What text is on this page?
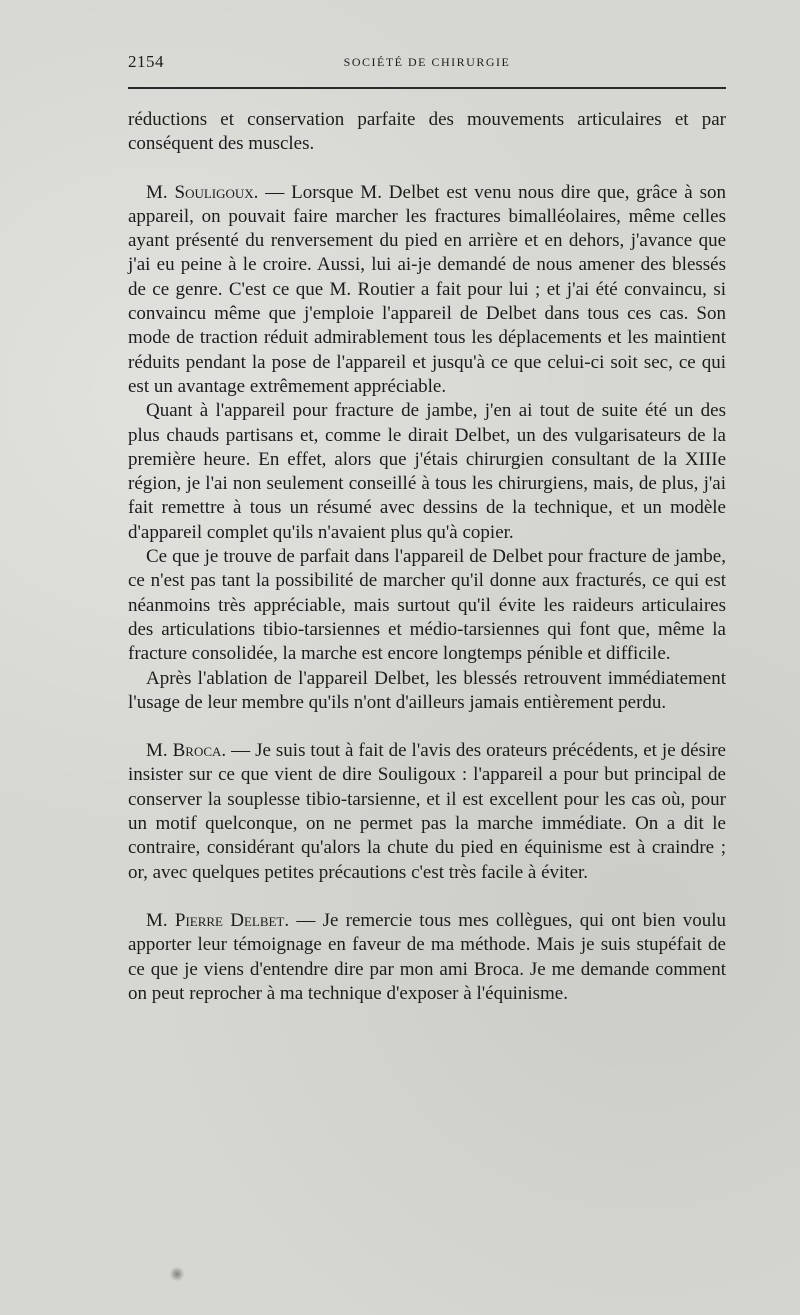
2154	SOCIÉTÉ DE CHIRURGIE

réductions et conservation parfaite des mouvements articulaires et par conséquent des muscles.

M. Souligoux. — Lorsque M. Delbet est venu nous dire que, grâce à son appareil, on pouvait faire marcher les fractures bimalléolaires, même celles ayant présenté du renversement du pied en arrière et en dehors, j'avance que j'ai eu peine à le croire. Aussi, lui ai-je demandé de nous amener des blessés de ce genre. C'est ce que M. Routier a fait pour lui ; et j'ai été convaincu, si convaincu même que j'emploie l'appareil de Delbet dans tous ces cas. Son mode de traction réduit admirablement tous les déplacements et les maintient réduits pendant la pose de l'appareil et jusqu'à ce que celui-ci soit sec, ce qui est un avantage extrêmement appréciable.

Quant à l'appareil pour fracture de jambe, j'en ai tout de suite été un des plus chauds partisans et, comme le dirait Delbet, un des vulgarisateurs de la première heure. En effet, alors que j'étais chirurgien consultant de la XIIIe région, je l'ai non seulement conseillé à tous les chirurgiens, mais, de plus, j'ai fait remettre à tous un résumé avec dessins de la technique, et un modèle d'appareil complet qu'ils n'avaient plus qu'à copier.

Ce que je trouve de parfait dans l'appareil de Delbet pour fracture de jambe, ce n'est pas tant la possibilité de marcher qu'il donne aux fracturés, ce qui est néanmoins très appréciable, mais surtout qu'il évite les raideurs articulaires des articulations tibio-tarsiennes et médio-tarsiennes qui font que, même la fracture consolidée, la marche est encore longtemps pénible et difficile.

Après l'ablation de l'appareil Delbet, les blessés retrouvent immédiatement l'usage de leur membre qu'ils n'ont d'ailleurs jamais entièrement perdu.

M. Broca. — Je suis tout à fait de l'avis des orateurs précédents, et je désire insister sur ce que vient de dire Souligoux : l'appareil a pour but principal de conserver la souplesse tibio-tarsienne, et il est excellent pour les cas où, pour un motif quelconque, on ne permet pas la marche immédiate. On a dit le contraire, considérant qu'alors la chute du pied en équinisme est à craindre ; or, avec quelques petites précautions c'est très facile à éviter.

M. Pierre Delbet. — Je remercie tous mes collègues, qui ont bien voulu apporter leur témoignage en faveur de ma méthode. Mais je suis stupéfait de ce que je viens d'entendre dire par mon ami Broca. Je me demande comment on peut reprocher à ma technique d'exposer à l'équinisme.
